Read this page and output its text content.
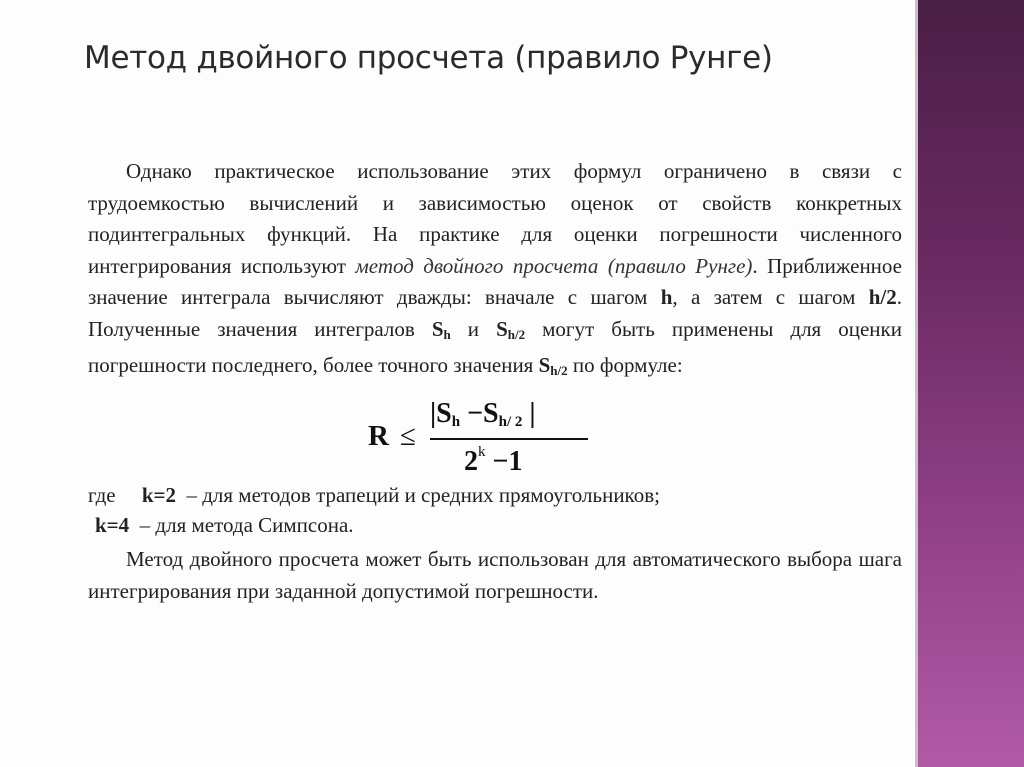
Метод двойного просчета (правило Рунге)

Однако практическое использование этих формул ограничено в связи с трудоемкостью вычислений и зависимостью оценок от свойств конкретных подинтегральных функций. На практике для оценки погрешности численного интегрирования используют метод двойного просчета (правило Рунге). Приближенное значение интеграла вычисляют дважды: вначале с шагом h, а затем с шагом h/2. Полученные значения интегралов $S_h$ и $S_{h/2}$ могут быть применены для оценки погрешности последнего, более точного значения $S_{h/2}$ по формуле:

R ≤
|Sh −Sh/ 2 |
$2^k -1$

где k=2 – для методов трапеций и средних прямоугольников;

k=4 – для метода Симпсона.

Метод двойного просчета может быть использован для автоматического выбора шага интегрирования при заданной допустимой погрешности.
